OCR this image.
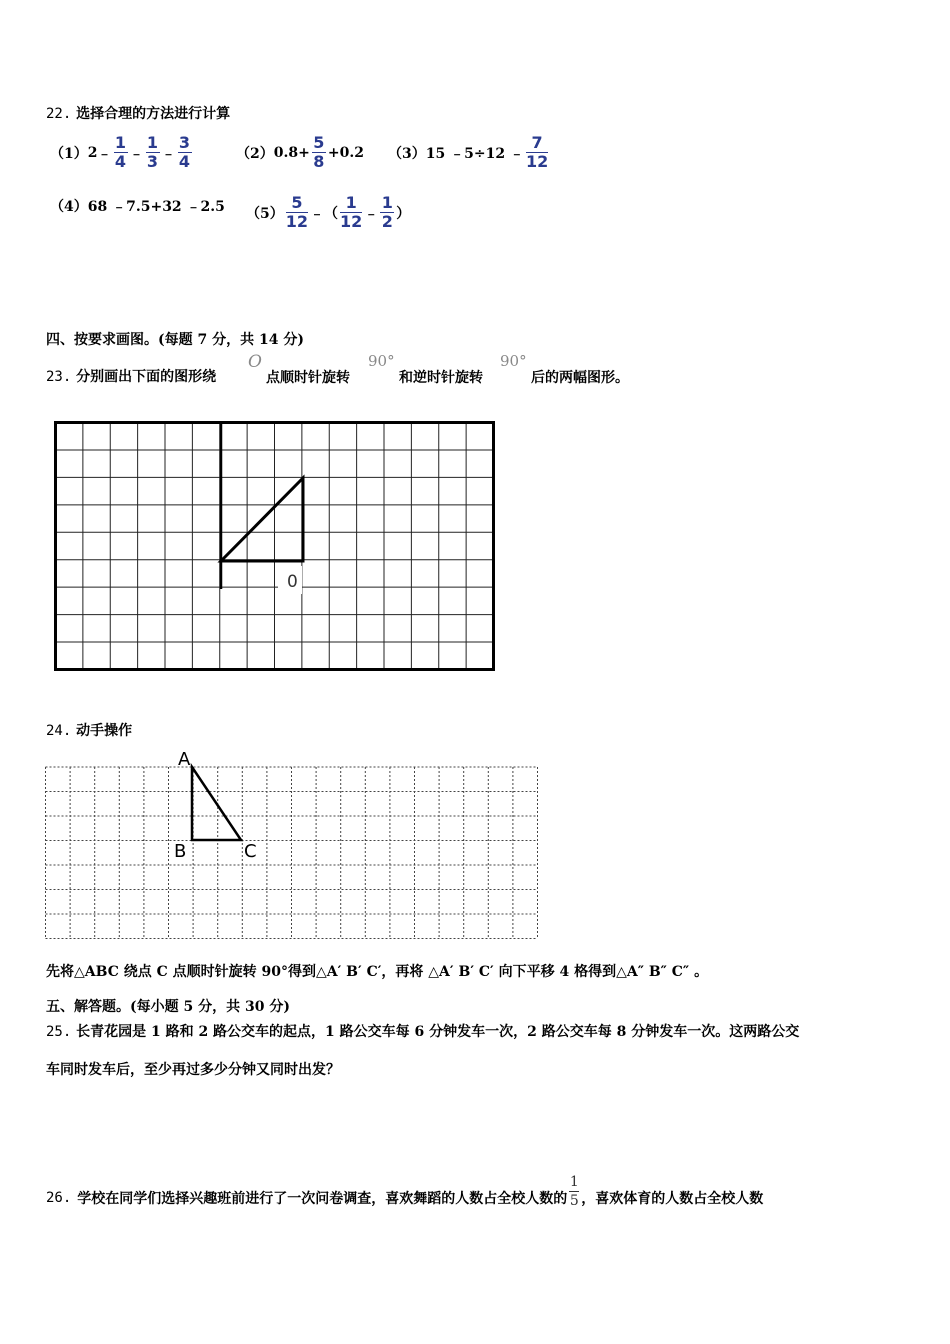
22. 选择合理的方法进行计算
（1） 2 ﹣ $\frac{1}{4}$ ﹣ $\frac{1}{3}$ ﹣ $\frac{3}{4}$	（2） $0.8+ \frac{5}{8} +0.2$ （3） 15 ﹣5÷12 ﹣ $\frac{7}{12}$
（4） 68 ﹣7.5+32 ﹣2.5 $(5) \frac{5}{12}$ ﹣（ $\frac{1}{12}$ ﹣ $\frac{1}{2}$ ）
四、按要求画图。(每题 7 分，共 14 分)
23. 分别画出下面的图形绕
O
点顺时针旋转
90°
和逆时针旋转
90°
后的两幅图形。
0
24. 动手操作
A
B	C
先将△ABC 绕点 C 点顺时针旋转 90°得到△A′ B′ C′，再将 △A′ B′ C′ 向下平移 4 格得到△A″ B″ C″ 。
五、解答题。(每小题 5 分，共 30 分)
25. 长青花园是 1 路和 2 路公交车的起点，1 路公交车每 6 分钟发车一次，2 路公交车每 8 分钟发车一次。这两路公交
车同时发车后，至少再过多少分钟又同时出发？
26 . 学校在同学们选择兴趣班前进行了一次问卷调查，喜欢舞蹈的人数占全校人数的 $\frac{1}{5}$ ，喜欢体育的人数占全校人数
